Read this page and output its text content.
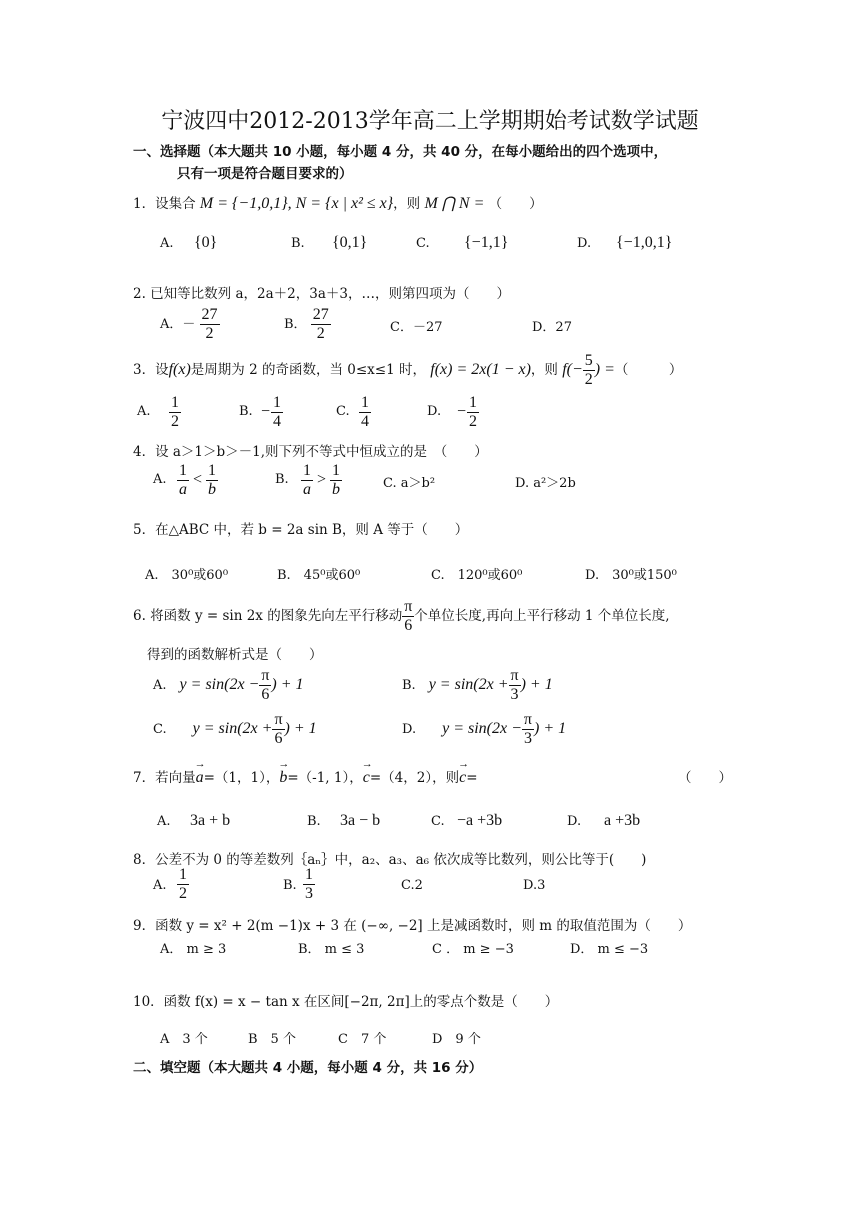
宁波四中2012-2013学年高二上学期期始考试数学试题
一、选择题（本大题共 10 小题，每小题 4 分，共 40 分，在每小题给出的四个选项中，
只有一项是符合题目要求的）
1．设集合 M = {−1,0,1}, N = {x | x² ≤ x}，则 M ⋂ N = （　　）
A. {0}	B. {0,1}	C. {−1,1}	D. {−1,0,1}
2. 已知等比数列 a，2a＋2，3a＋3，…，则第四项为（　　）
A．－ $\frac{27}{2}$	B． $\frac{27}{2}$	C．－27	D．27
3．设f(x)是周期为 2 的奇函数，当 0≤x≤1 时， f(x) = 2x(1 − x)，则 $f(- \frac{5}{2}$ ) =（　　　）
A. $\frac{1}{2}$	B. − $\frac{1}{4}$	C. $\frac{1}{4}$	D. − $\frac{1}{2}$
4．设 a＞1＞b＞－1,则下列不等式中恒成立的是　（　　）
A. $\frac{1}{a} < \frac{1}{b}$	B. $\frac{1}{a} > \frac{1}{b}$	C. a＞b²	D. a²＞2b
5．在△ABC 中，若 b = 2a sin B，则 A 等于（　　）
A.　30⁰或60⁰	B.　45⁰或60⁰	C.　120⁰或60⁰	D.　30⁰或150⁰
6. 将函数 y = sin 2x 的图象先向左平行移动 $\frac{\pi}{6}$ 个单位长度,再向上平行移动 1 个单位长度,
得到的函数解析式是（　　）
A.　 $y = \sin(2x - \frac{\pi}{6}$ ) + 1	B.　 $y = \sin(2x + \frac{\pi}{3}$ ) + 1
C.　　 $y = \sin(2x + \frac{\pi}{6}$ ) + 1	D.　　 $y = \sin(2x - \frac{\pi}{3}$ ) + 1
7．若向量→ a=（1，1），→ b=（-1, 1），→ c=（4，2），则→ c=	（　　）
A. 3a + b	B. 3a − b	C. −a +3b	D. a +3b
8．公差不为 0 的等差数列｛aₙ｝中，a₂、a₃、a₆ 依次成等比数列，则公比等于(　　)
A. $\frac{1}{2}$	B. $\frac{1}{3}$	C.2	D.3
9．函数 y = x² + 2(m −1)x + 3 在 (−∞, −2] 上是减函数时，则 m 的取值范围为（　　）
A． m ≥ 3	B． m ≤ 3	C ． m ≥ −3	D． m ≤ −3
10．函数 f(x) = x − tan x 在区间[−2π, 2π]上的零点个数是（　　）
A　3 个	B　5 个	C　7 个	D　9 个
二、填空题（本大题共 4 小题，每小题 4 分，共 16 分）
